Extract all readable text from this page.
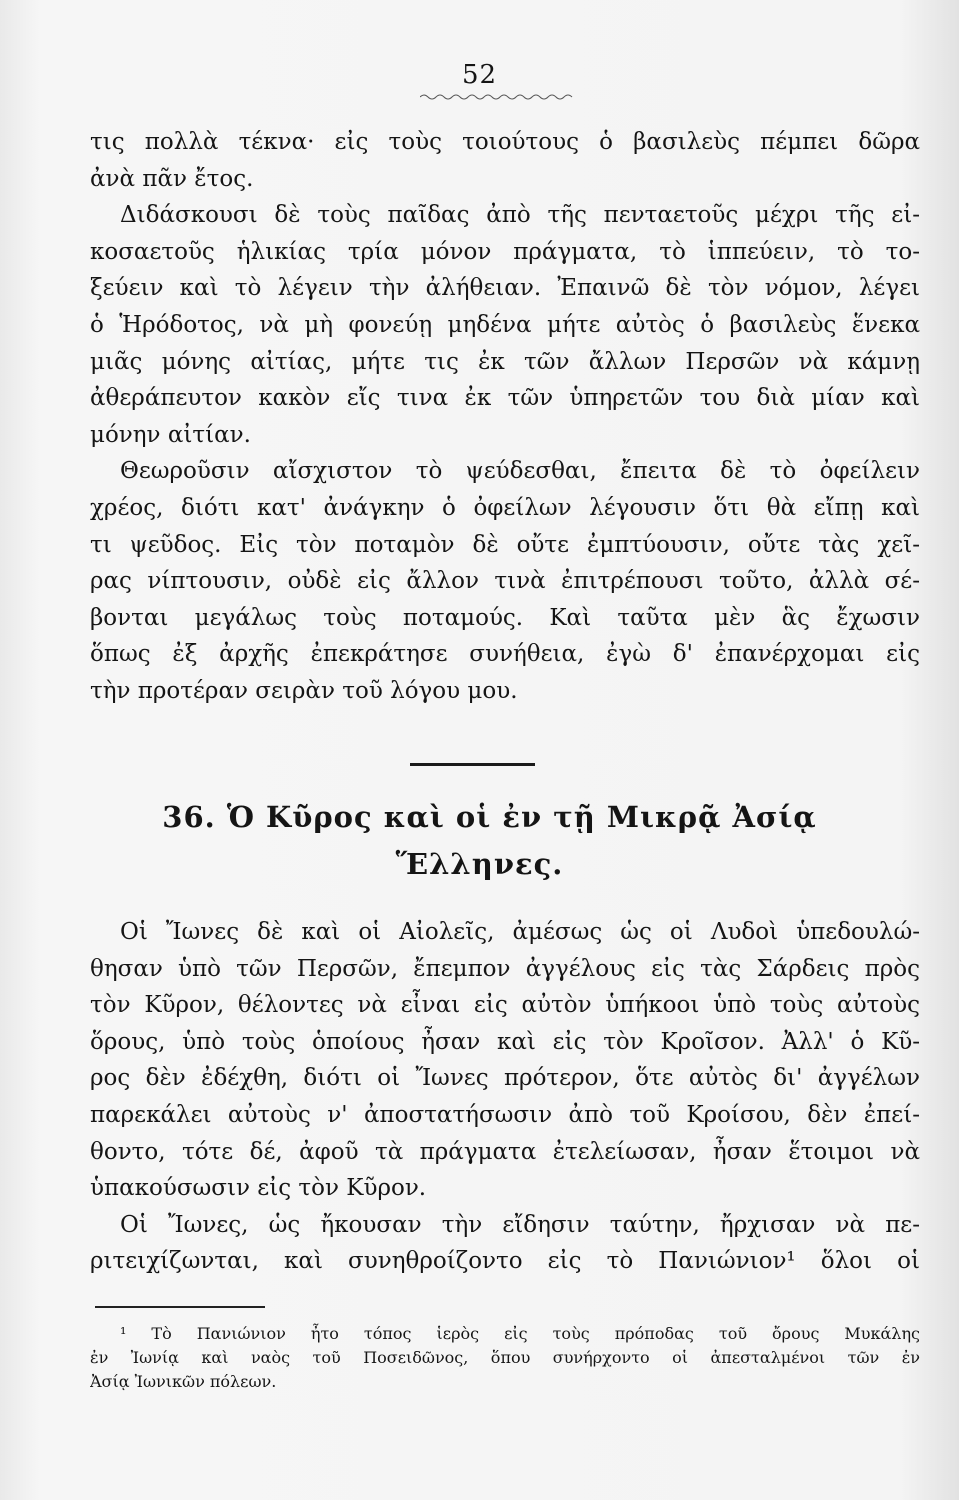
52
τις πολλὰ τέκνα· εἰς τοὺς τοιούτους ὁ βασιλεὺς πέμπει δῶρα
ἀνὰ πᾶν ἔτος.
Διδάσκουσι δὲ τοὺς παῖδας ἀπὸ τῆς πενταετοῦς μέχρι τῆς εἰ-
κοσαετοῦς ἡλικίας τρία μόνον πράγματα, τὸ ἱππεύειν, τὸ το-
ξεύειν καὶ τὸ λέγειν τὴν ἀλήθειαν. Ἐπαινῶ δὲ τὸν νόμον, λέγει
ὁ Ἡρόδοτος, νὰ μὴ φονεύῃ μηδένα μήτε αὐτὸς ὁ βασιλεὺς ἕνεκα
μιᾶς μόνης αἰτίας, μήτε τις ἐκ τῶν ἄλλων Περσῶν νὰ κάμνῃ
ἀθεράπευτον κακὸν εἴς τινα ἐκ τῶν ὑπηρετῶν του διὰ μίαν καὶ
μόνην αἰτίαν.
Θεωροῦσιν αἴσχιστον τὸ ψεύδεσθαι, ἔπειτα δὲ τὸ ὀφείλειν
χρέος, διότι κατ' ἀνάγκην ὁ ὀφείλων λέγουσιν ὅτι θὰ εἴπῃ καὶ
τι ψεῦδος. Εἰς τὸν ποταμὸν δὲ οὔτε ἐμπτύουσιν, οὔτε τὰς χεῖ-
ρας νίπτουσιν, οὐδὲ εἰς ἄλλον τινὰ ἐπιτρέπουσι τοῦτο, ἀλλὰ σέ-
βονται μεγάλως τοὺς ποταμούς. Καὶ ταῦτα μὲν ἃς ἔχωσιν
ὅπως ἐξ ἀρχῆς ἐπεκράτησε συνήθεια, ἐγὼ δ' ἐπανέρχομαι εἰς
τὴν προτέραν σειρὰν τοῦ λόγου μου.
36. Ὁ Κῦρος καὶ οἱ ἐν τῇ Μικρᾷ Ἀσίᾳ
Ἕλληνες.
Οἱ Ἴωνες δὲ καὶ οἱ Αἰολεῖς, ἀμέσως ὡς οἱ Λυδοὶ ὑπεδουλώ-
θησαν ὑπὸ τῶν Περσῶν, ἔπεμπον ἀγγέλους εἰς τὰς Σάρδεις πρὸς
τὸν Κῦρον, θέλοντες νὰ εἶναι εἰς αὐτὸν ὑπήκοοι ὑπὸ τοὺς αὐτοὺς
ὅρους, ὑπὸ τοὺς ὁποίους ἦσαν καὶ εἰς τὸν Κροῖσον. Ἀλλ' ὁ Κῦ-
ρος δὲν ἐδέχθη, διότι οἱ Ἴωνες πρότερον, ὅτε αὐτὸς δι' ἀγγέλων
παρεκάλει αὐτοὺς ν' ἀποστατήσωσιν ἀπὸ τοῦ Κροίσου, δὲν ἐπεί-
θοντο, τότε δέ, ἀφοῦ τὰ πράγματα ἐτελείωσαν, ἦσαν ἕτοιμοι νὰ
ὑπακούσωσιν εἰς τὸν Κῦρον.
Οἱ Ἴωνες, ὡς ἤκουσαν τὴν εἴδησιν ταύτην, ἤρχισαν νὰ πε-
ριτειχίζωνται, καὶ συνηθροίζοντο εἰς τὸ Πανιώνιον¹ ὅλοι οἱ
¹ Τὸ Πανιώνιον ἦτο τόπος ἱερὸς εἰς τοὺς πρόποδας τοῦ ὄρους Μυκάλης
ἐν Ἰωνίᾳ καὶ ναὸς τοῦ Ποσειδῶνος, ὅπου συνήρχοντο οἱ ἀπεσταλμένοι τῶν ἐν
Ἀσίᾳ Ἰωνικῶν πόλεων.
